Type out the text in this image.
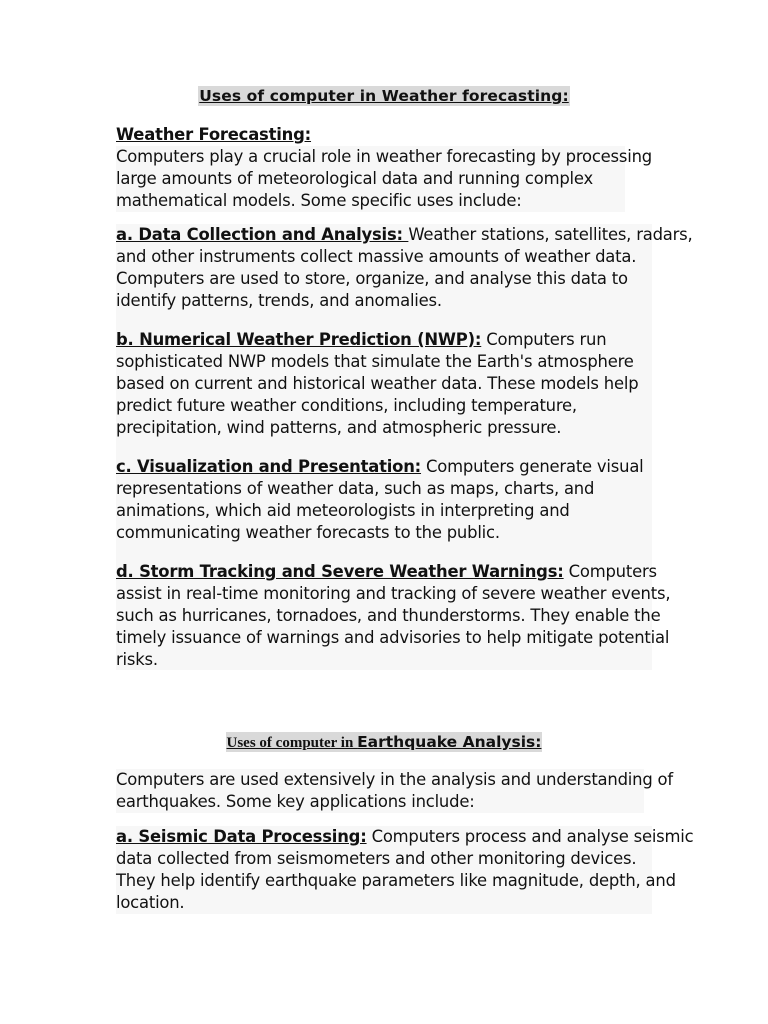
Uses of computer in Weather forecasting:
Weather Forecasting:
Computers play a crucial role in weather forecasting by processing
large amounts of meteorological data and running complex
mathematical models. Some specific uses include:
a. Data Collection and Analysis: Weather stations, satellites, radars,
and other instruments collect massive amounts of weather data.
Computers are used to store, organize, and analyse this data to
identify patterns, trends, and anomalies.
b. Numerical Weather Prediction (NWP): Computers run
sophisticated NWP models that simulate the Earth's atmosphere
based on current and historical weather data. These models help
predict future weather conditions, including temperature,
precipitation, wind patterns, and atmospheric pressure.
c. Visualization and Presentation: Computers generate visual
representations of weather data, such as maps, charts, and
animations, which aid meteorologists in interpreting and
communicating weather forecasts to the public.
d. Storm Tracking and Severe Weather Warnings: Computers
assist in real-time monitoring and tracking of severe weather events,
such as hurricanes, tornadoes, and thunderstorms. They enable the
timely issuance of warnings and advisories to help mitigate potential
risks.
Uses of computer in Earthquake Analysis:
Computers are used extensively in the analysis and understanding of
earthquakes. Some key applications include:
a. Seismic Data Processing: Computers process and analyse seismic
data collected from seismometers and other monitoring devices.
They help identify earthquake parameters like magnitude, depth, and
location.
